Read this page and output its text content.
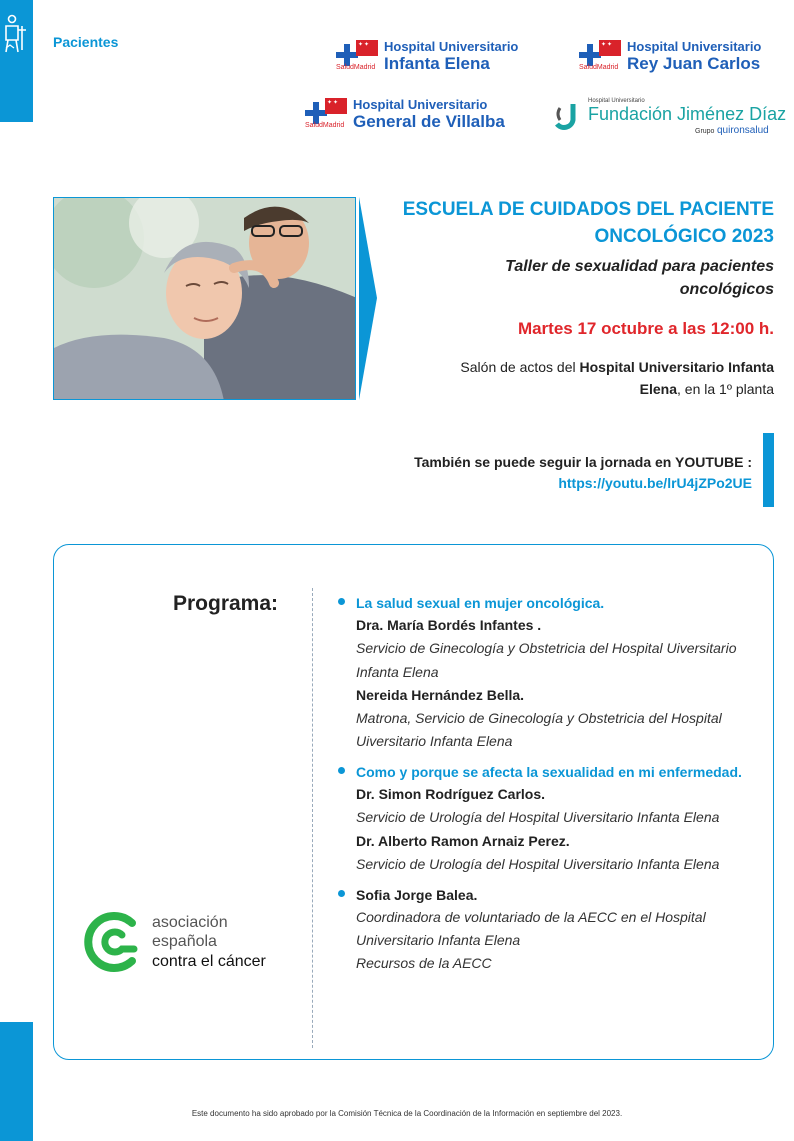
Pacientes
✦✦
SaludMadrid
Hospital Universitario
Infanta Elena
✦✦	SaludMadrid
Hospital Universitario
Rey Juan Carlos
✦✦
SaludMadrid
Hospital Universitario
General de Villalba
Hospital Universitario
Fundación Jiménez Díaz
Grupo quironsalud
ESCUELA DE CUIDADOS DEL PACIENTE
ONCOLÓGICO 2023
Taller de sexualidad para pacientes
oncológicos
Martes 17 octubre a las 12:00 h.
Salón de actos del Hospital Universitario Infanta
Elena, en la 1º planta
También se puede seguir la jornada en YOUTUBE :
https://youtu.be/lrU4jZPo2UE
Programa:	La salud sexual en mujer oncológica.
Dra. María Bordés Infantes .
Servicio de Ginecología y Obstetricia del Hospital Uiversitario Infanta Elena
Nereida Hernández Bella.
Matrona, Servicio de Ginecología y Obstetricia del Hospital Uiversitario Infanta Elena
Como y porque se afecta la sexualidad en mi enfermedad.
Dr. Simon Rodríguez Carlos.
Servicio de Urología del Hospital Uiversitario Infanta Elena
Dr. Alberto Ramon Arnaiz Perez.
Servicio de Urología del Hospital Uiversitario Infanta Elena
Sofia Jorge Balea.
Coordinadora de voluntariado de la AECC en el Hospital Universitario Infanta Elena
Recursos de la AECC
asociación
española
contra el cáncer
Este documento ha sido aprobado por la Comisión Técnica de la Coordinación de la Información en septiembre del 2023.
